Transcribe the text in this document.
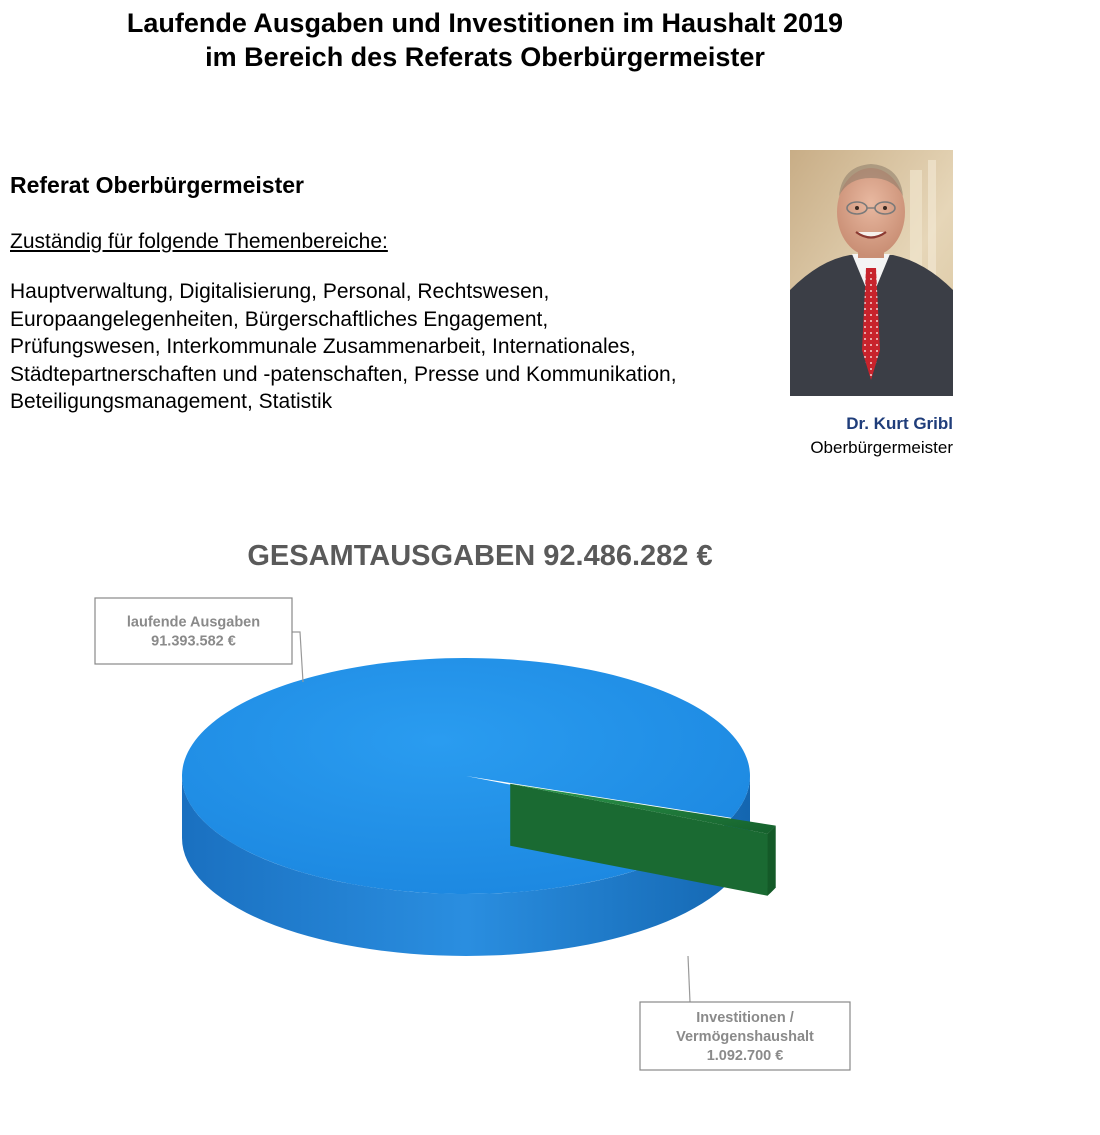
Laufende Ausgaben und Investitionen im Haushalt 2019
im Bereich des Referats Oberbürgermeister
Referat Oberbürgermeister
Zuständig für folgende Themenbereiche:
Hauptverwaltung, Digitalisierung, Personal, Rechtswesen,
Europaangelegenheiten, Bürgerschaftliches Engagement,
Prüfungswesen, Interkommunale Zusammenarbeit, Internationales,
Städtepartnerschaften und -patenschaften, Presse und Kommunikation,
Beteiligungsmanagement, Statistik
Dr. Kurt Gribl
Oberbürgermeister
GESAMTAUSGABEN 92.486.282 €
laufende Ausgaben
91.393.582 €
Investitionen /
Vermögenshaushalt
1.092.700 €
